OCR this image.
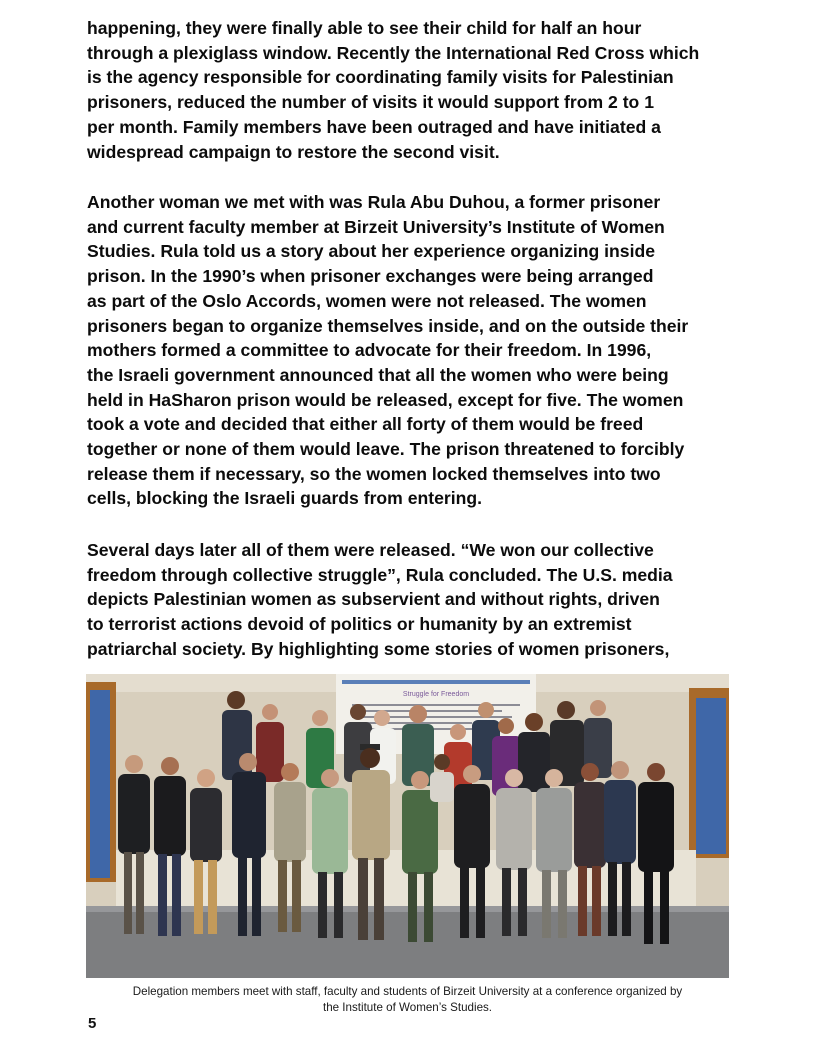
happening, they were finally able to see their child for half an hour
through a plexiglass window. Recently the International Red Cross which
is the agency responsible for coordinating family visits for Palestinian
prisoners, reduced the number of visits it would support from 2 to 1
per month. Family members have been outraged and have initiated a
widespread campaign to restore the second visit.

Another woman we met with was Rula Abu Duhou, a former prisoner
and current faculty member at Birzeit University’s Institute of Women
Studies. Rula told us a story about her experience organizing inside
prison. In the 1990’s when prisoner exchanges were being arranged
as part of the Oslo Accords, women were not released. The women
prisoners began to organize themselves inside, and on the outside their
mothers formed a committee to advocate for their freedom. In 1996,
the Israeli government announced that all the women who were being
held in HaSharon prison would be released, except for five. The women
took a vote and decided that either all forty of them would be freed
together or none of them would leave. The prison threatened to forcibly
release them if necessary, so the women locked themselves into two
cells, blocking the Israeli guards from entering.

Several days later all of them were released. “We won our collective
freedom through collective struggle”, Rula concluded. The U.S. media
depicts Palestinian women as subservient and without rights, driven
to terrorist actions devoid of politics or humanity by an extremist
patriarchal society. By highlighting some stories of women prisoners,

Struggle for Freedom

Delegation members meet with staff, faculty and students of Birzeit University at a conference organized by
the Institute of Women’s Studies.

5
